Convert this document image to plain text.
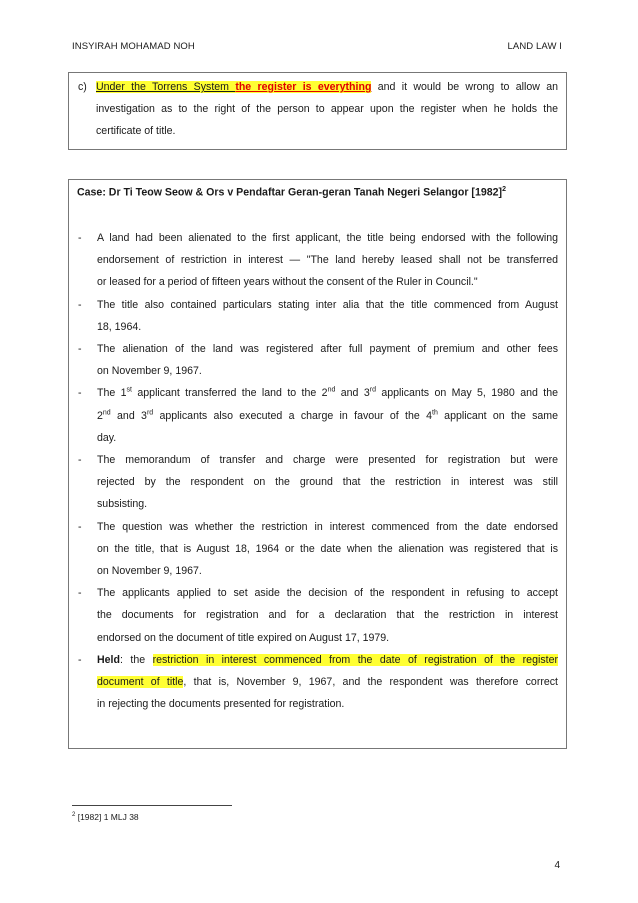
INSYIRAH MOHAMAD NOH	LAND LAW I
c) Under the Torrens System the register is everything and it would be wrong to allow an
investigation as to the right of the person to appear upon the register when he holds the
certificate of title.
Case: Dr Ti Teow Seow & Ors v Pendaftar Geran-geran Tanah Negeri Selangor $[1982]^2$
- A land had been alienated to the first applicant, the title being endorsed with the following
endorsement of restriction in interest — "The land hereby leased shall not be transferred
or leased for a period of fifteen years without the consent of the Ruler in Council."
- The title also contained particulars stating inter alia that the title commenced from August
18, 1964.
- The alienation of the land was registered after full payment of premium and other fees
on November 9, 1967.
- The 1st applicant transferred the land to the 2nd and 3rd applicants on May 5, 1980 and the
2nd and 3rd applicants also executed a charge in favour of the 4th applicant on the same
day.
- The memorandum of transfer and charge were presented for registration but were
rejected by the respondent on the ground that the restriction in interest was still
subsisting.
- The question was whether the restriction in interest commenced from the date endorsed
on the title, that is August 18, 1964 or the date when the alienation was registered that is
on November 9, 1967.
- The applicants applied to set aside the decision of the respondent in refusing to accept
the documents for registration and for a declaration that the restriction in interest
endorsed on the document of title expired on August 17, 1979.
- Held: the restriction in interest commenced from the date of registration of the register
document of title, that is, November 9, 1967, and the respondent was therefore correct
in rejecting the documents presented for registration.
$^2$ [1982] 1 MLJ 38
4
